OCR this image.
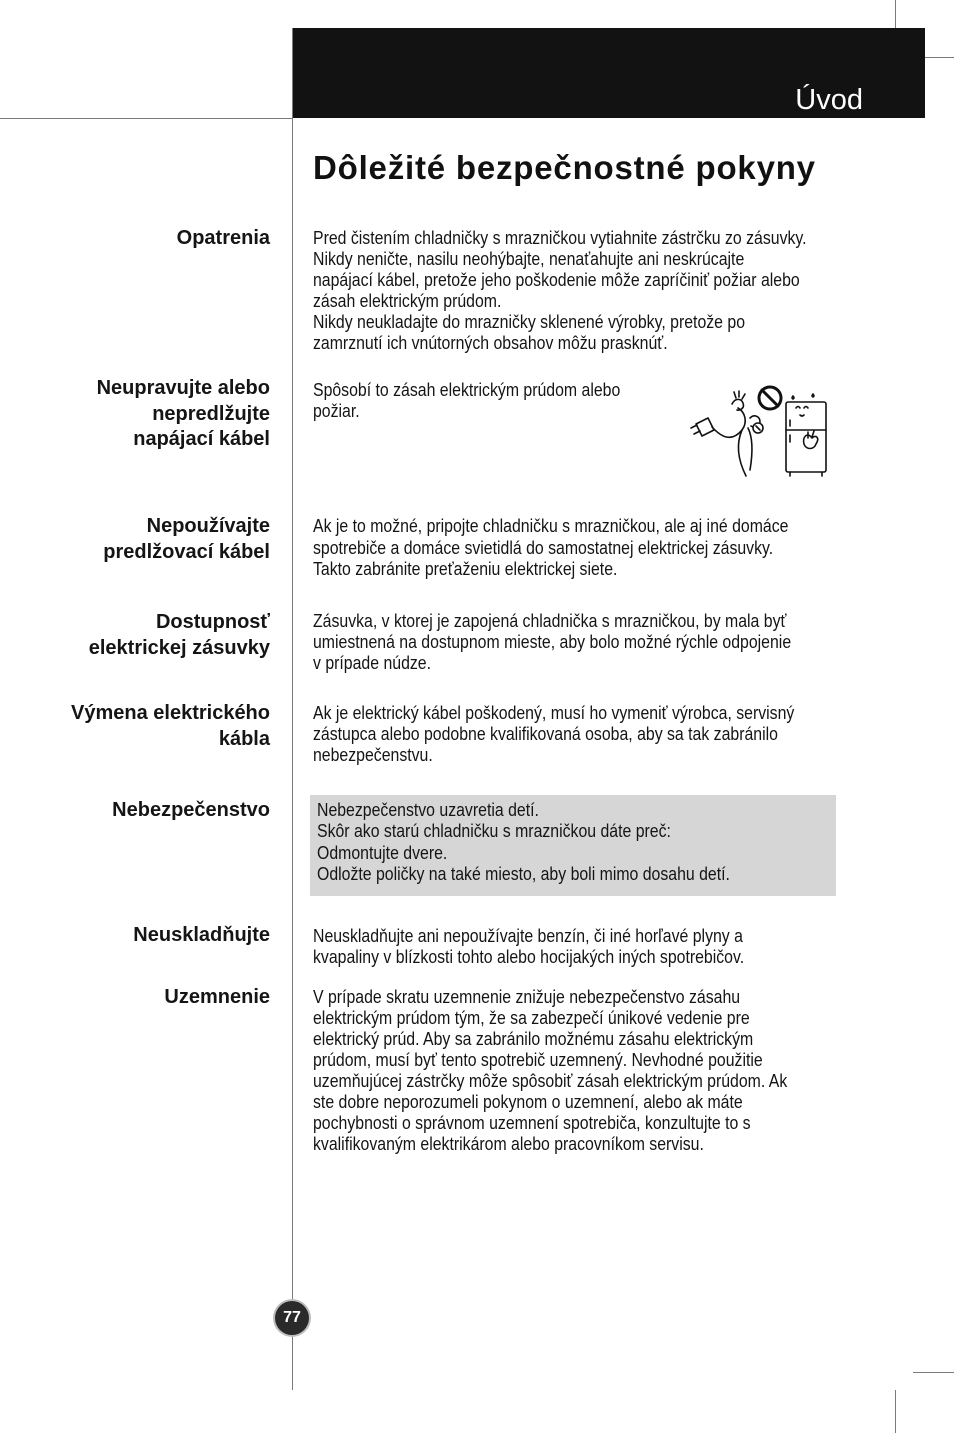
Úvod
Dôležité bezpečnostné pokyny
Opatrenia Pred čistením chladničky s mrazničkou vytiahnite zástrčku zo zásuvky.
Nikdy neničte, nasilu neohýbajte, nenaťahujte ani neskrúcajte
napájací kábel, pretože jeho poškodenie môže zapríčiniť požiar alebo
zásah elektrickým prúdom.
Nikdy neukladajte do mrazničky sklenené výrobky, pretože po
zamrznutí ich vnútorných obsahov môžu prasknúť.
Neupravujte alebo
nepredlžujte
napájací kábel
Spôsobí to zásah elektrickým prúdom alebo
požiar.
Nepoužívajte
predlžovací kábel
Ak je to možné, pripojte chladničku s mrazničkou, ale aj iné domáce
spotrebiče a domáce svietidlá do samostatnej elektrickej zásuvky.
Takto zabránite preťaženiu elektrickej siete.
Dostupnosť
elektrickej zásuvky
Zásuvka, v ktorej je zapojená chladnička s mrazničkou, by mala byť
umiestnená na dostupnom mieste, aby bolo možné rýchle odpojenie
v prípade núdze.
Výmena elektrického
kábla
Ak je elektrický kábel poškodený, musí ho vymeniť výrobca, servisný
zástupca alebo podobne kvalifikovaná osoba, aby sa tak zabránilo
nebezpečenstvu.
Nebezpečenstvo	Nebezpečenstvo uzavretia detí.
Skôr ako starú chladničku s mrazničkou dáte preč:
Odmontujte dvere.
Odložte poličky na také miesto, aby boli mimo dosahu detí.
Neuskladňujte Neuskladňujte ani nepoužívajte benzín, či iné horľavé plyny a
kvapaliny v blízkosti tohto alebo hocijakých iných spotrebičov.
Uzemnenie V prípade skratu uzemnenie znižuje nebezpečenstvo zásahu
elektrickým prúdom tým, že sa zabezpečí únikové vedenie pre
elektrický prúd. Aby sa zabránilo možnému zásahu elektrickým
prúdom, musí byť tento spotrebič uzemnený. Nevhodné použitie
uzemňujúcej zástrčky môže spôsobiť zásah elektrickým prúdom. Ak
ste dobre neporozumeli pokynom o uzemnení, alebo ak máte
pochybnosti o správnom uzemnení spotrebiča, konzultujte to s
kvalifikovaným elektrikárom alebo pracovníkom servisu.
77
